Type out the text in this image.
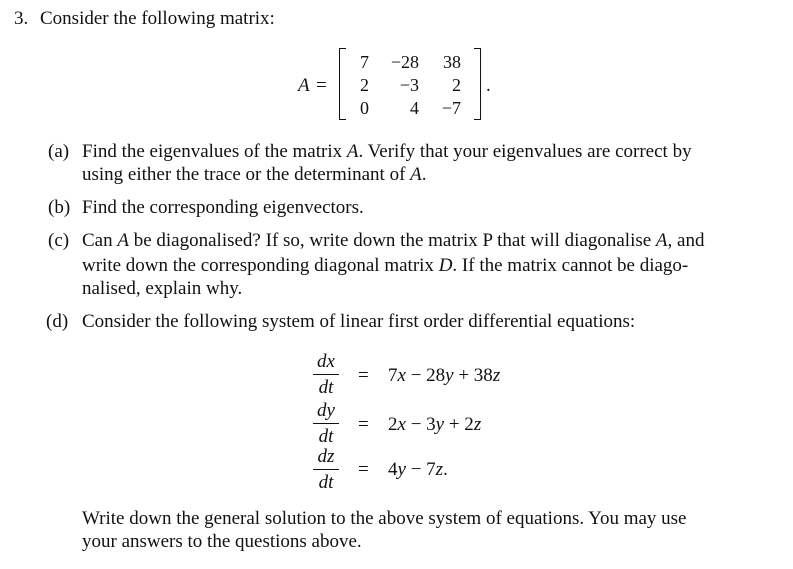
3. Consider the following matrix:
A =
7	−28	38
2	−3	2
0	4	−7
.
(a) Find the eigenvalues of the matrix A. Verify that your eigenvalues are correct by

using either the trace or the determinant of A.

(b) Find the corresponding eigenvectors.

(c) Can A be diagonalised? If so, write down the matrix P that will diagonalise A, and

write down the corresponding diagonal matrix D. If the matrix cannot be diago-

nalised, explain why.

(d) Consider the following system of linear first order differential equations:

dx
dt
= 7x − 28y + 38z
dy
dt
= 2x − 3y + 2z
dz
dt
= 4y − 7z.

Write down the general solution to the above system of equations. You may use

your answers to the questions above.
